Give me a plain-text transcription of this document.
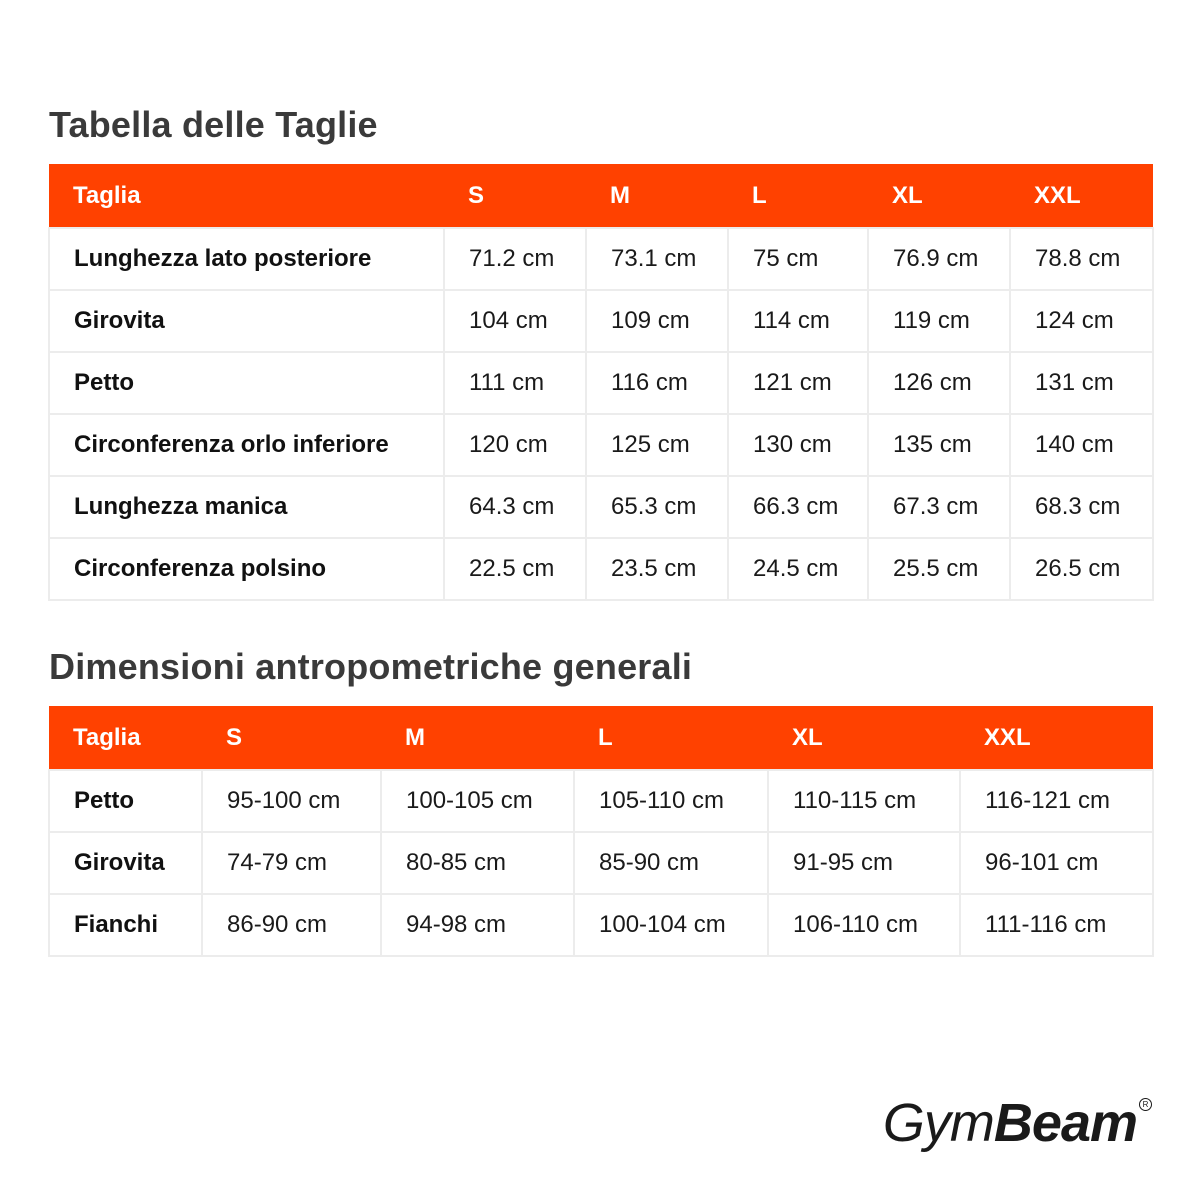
Tabella delle Taglie
Taglia	S	M	L	XL	XXL
Lunghezza lato posteriore	71.2 cm	73.1 cm	75 cm	76.9 cm	78.8 cm
Girovita	104 cm	109 cm	114 cm	119 cm	124 cm
Petto	111 cm	116 cm	121 cm	126 cm	131 cm
Circonferenza orlo inferiore	120 cm	125 cm	130 cm	135 cm	140 cm
Lunghezza manica	64.3 cm	65.3 cm	66.3 cm	67.3 cm	68.3 cm
Circonferenza polsino	22.5 cm	23.5 cm	24.5 cm	25.5 cm	26.5 cm
Dimensioni antropometriche generali
Taglia	S	M	L	XL	XXL
Petto	95-100 cm	100-105 cm	105-110 cm	110-115 cm	116-121 cm
Girovita	74-79 cm	80-85 cm	85-90 cm	91-95 cm	96-101 cm
Fianchi	86-90 cm	94-98 cm	100-104 cm	106-110 cm	111-116 cm
Gym Beam R
